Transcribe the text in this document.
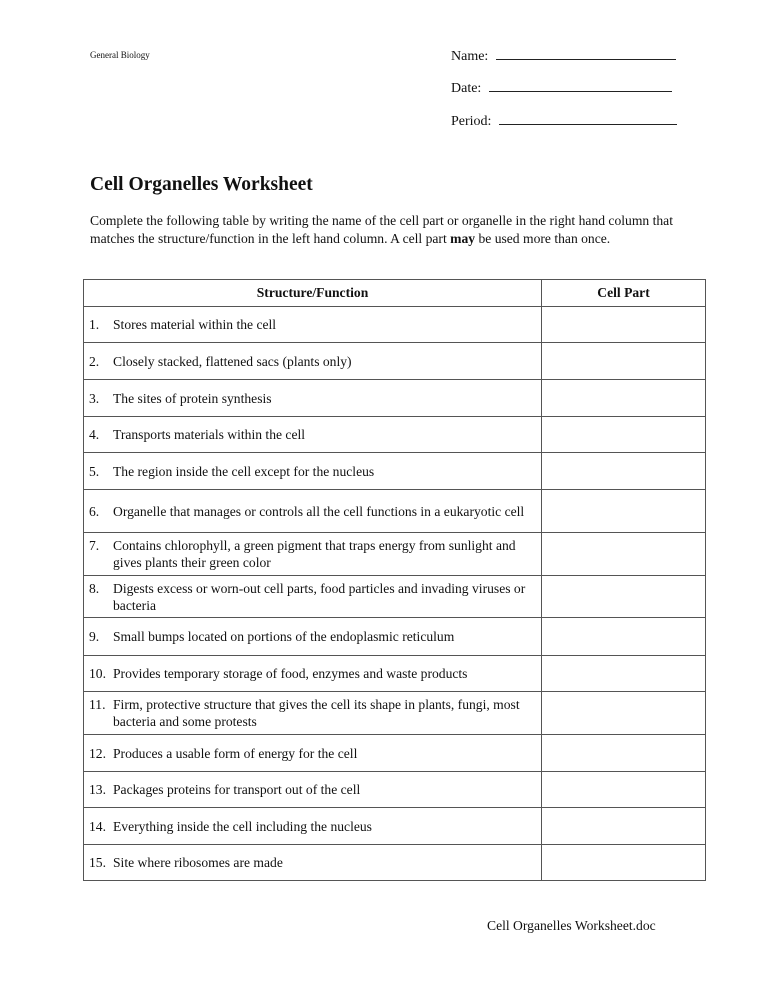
General Biology	Name:
Date:
Period:
Cell Organelles Worksheet

Complete the following table by writing the name of the cell part or organelle in the right hand column that matches the structure/function in the left hand column. A cell part may be used more than once.

Structure/Function	Cell Part

1. Stores material within the cell	

2. Closely stacked, flattened sacs (plants only)	

3. The sites of protein synthesis	

4. Transports materials within the cell	

5. The region inside the cell except for the nucleus	

6. Organelle that manages or controls all the cell functions in a eukaryotic cell	

7. Contains chlorophyll, a green pigment that traps energy from sunlight and gives plants their green color	

8. Digests excess or worn-out cell parts, food particles and invading viruses or bacteria	

9. Small bumps located on portions of the endoplasmic reticulum	

10. Provides temporary storage of food, enzymes and waste products	

11. Firm, protective structure that gives the cell its shape in plants, fungi, most bacteria and some protests	

12. Produces a usable form of energy for the cell	

13. Packages proteins for transport out of the cell	

14. Everything inside the cell including the nucleus	

15. Site where ribosomes are made	

Cell Organelles Worksheet.doc
